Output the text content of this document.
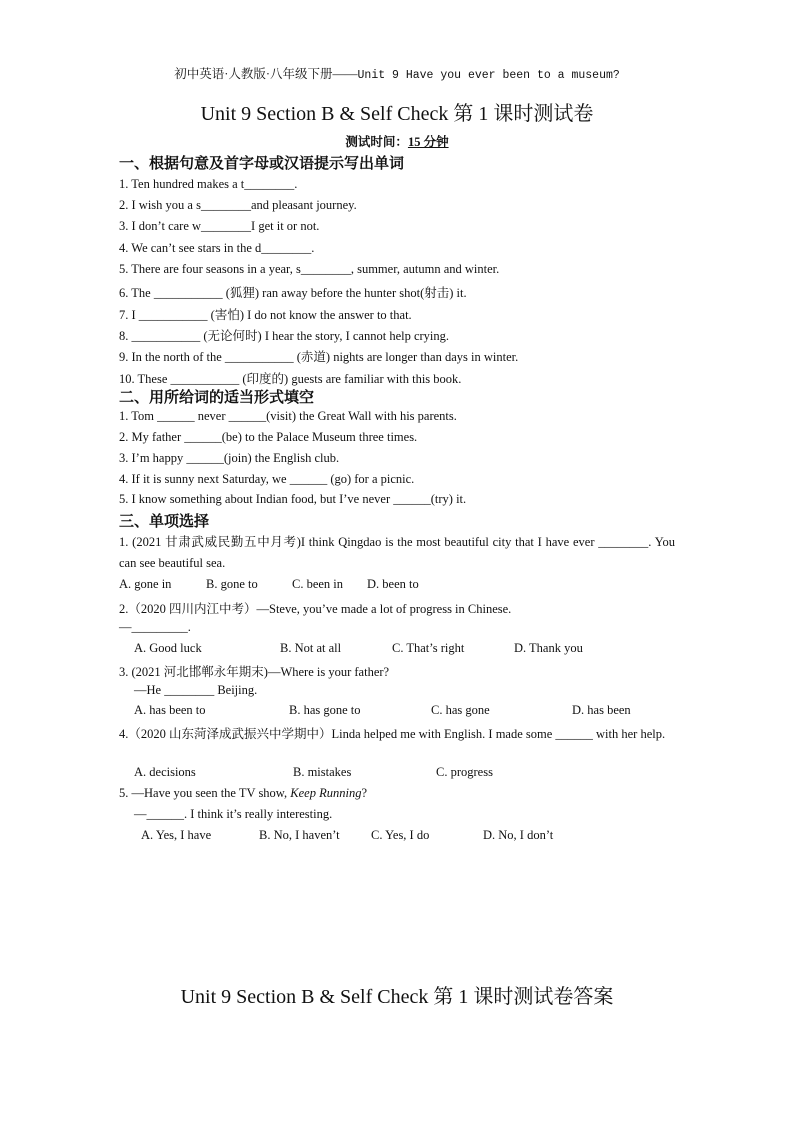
初中英语·人教版·八年级下册——Unit 9 Have you ever been to a museum?
Unit 9 Section B & Self Check 第 1 课时测试卷
测试时间：15 分钟
一、根据句意及首字母或汉语提示写出单词
1. Ten hundred makes a t________.
2. I wish you a s________and pleasant journey.
3. I don’t care w________I get it or not.
4. We can’t see stars in the d________.
5. There are four seasons in a year, s________, summer, autumn and winter.
6. The ___________ (狐狸) ran away before the hunter shot(射击) it.
7. I ___________ (害怕) I do not know the answer to that.
8. ___________ (无论何时) I hear the story, I cannot help crying.
9. In the north of the ___________ (赤道) nights are longer than days in winter.
10. These ___________ (印度的) guests are familiar with this book.
二、用所给词的适当形式填空
1. Tom ______ never ______(visit) the Great Wall with his parents.
2. My father ______(be) to the Palace Museum three times.
3. I’m happy ______(join) the English club.
4. If it is sunny next Saturday, we ______ (go) for a picnic.
5. I know something about Indian food, but I’ve never ______(try) it.
三、单项选择
1. (2021 甘肃武威民勤五中月考)I think Qingdao is the most beautiful city that I have ever ________. You can see beautiful sea.
A. gone in	B. gone to	C. been in D. been to
2.（2020 四川内江中考）—Steve, you’ve made a lot of progress in Chinese.
—_________.
A. Good luck	B. Not at all	C. That’s right	D. Thank you
3. (2021 河北邯郸永年期末)—Where is your father?
—He ________ Beijing.
A. has been to	B. has gone to	C. has gone	D. has been
4.（2020 山东菏泽成武振兴中学期中）Linda helped me with English. I made some ______ with her help.
A. decisions	B. mistakes	C. progress
5. —Have you seen the TV show, Keep Running?
—______. I think it’s really interesting.
A. Yes, I have	B. No, I haven’t	C. Yes, I do	D. No, I don’t
Unit 9 Section B & Self Check 第 1 课时测试卷答案
